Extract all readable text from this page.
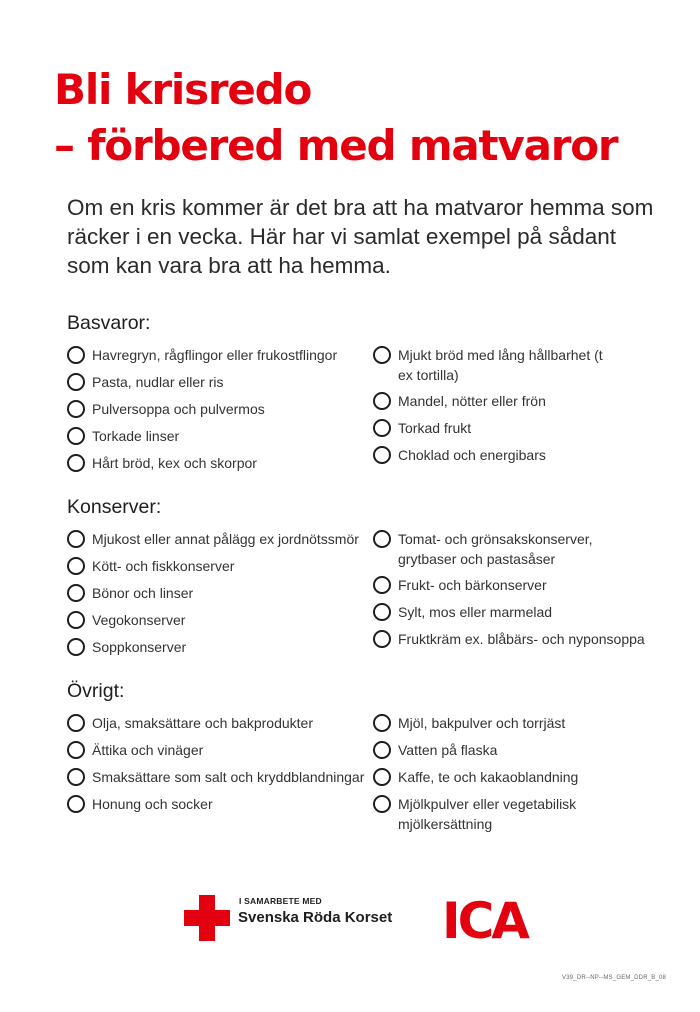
Bli krisredo
– förbered med matvaror

Om en kris kommer är det bra att ha matvaror hemma som räcker i en vecka. Här har vi samlat exempel på sådant som kan vara bra att ha hemma.

Basvaror:
Havregryn, rågflingor eller frukostflingor
Pasta, nudlar eller ris
Pulversoppa och pulvermos
Torkade linser
Hårt bröd, kex och skorpor
Mjukt bröd med lång hållbarhet (t ex tortilla)
Mandel, nötter eller frön
Torkad frukt
Choklad och energibars
Konserver:
Mjukost eller annat pålägg ex jordnötssmör
Kött- och fiskkonserver
Bönor och linser
Vegokonserver
Soppkonserver
Tomat- och grönsakskonserver, grytbaser och pastasåser
Frukt- och bärkonserver
Sylt, mos eller marmelad
Fruktkräm ex. blåbärs- och nyponsoppa
Övrigt:
Olja, smaksättare och bakprodukter
Ättika och vinäger
Smaksättare som salt och kryddblandningar
Honung och socker
Mjöl, bakpulver och torrjäst
Vatten på flaska
Kaffe, te och kakaoblandning
Mjölkpulver eller vegetabilisk mjölkersättning
I SAMARBETE MED
Svenska Röda Korset ICA
V39_DR--NP--MS_GEM_DDR_B_08
